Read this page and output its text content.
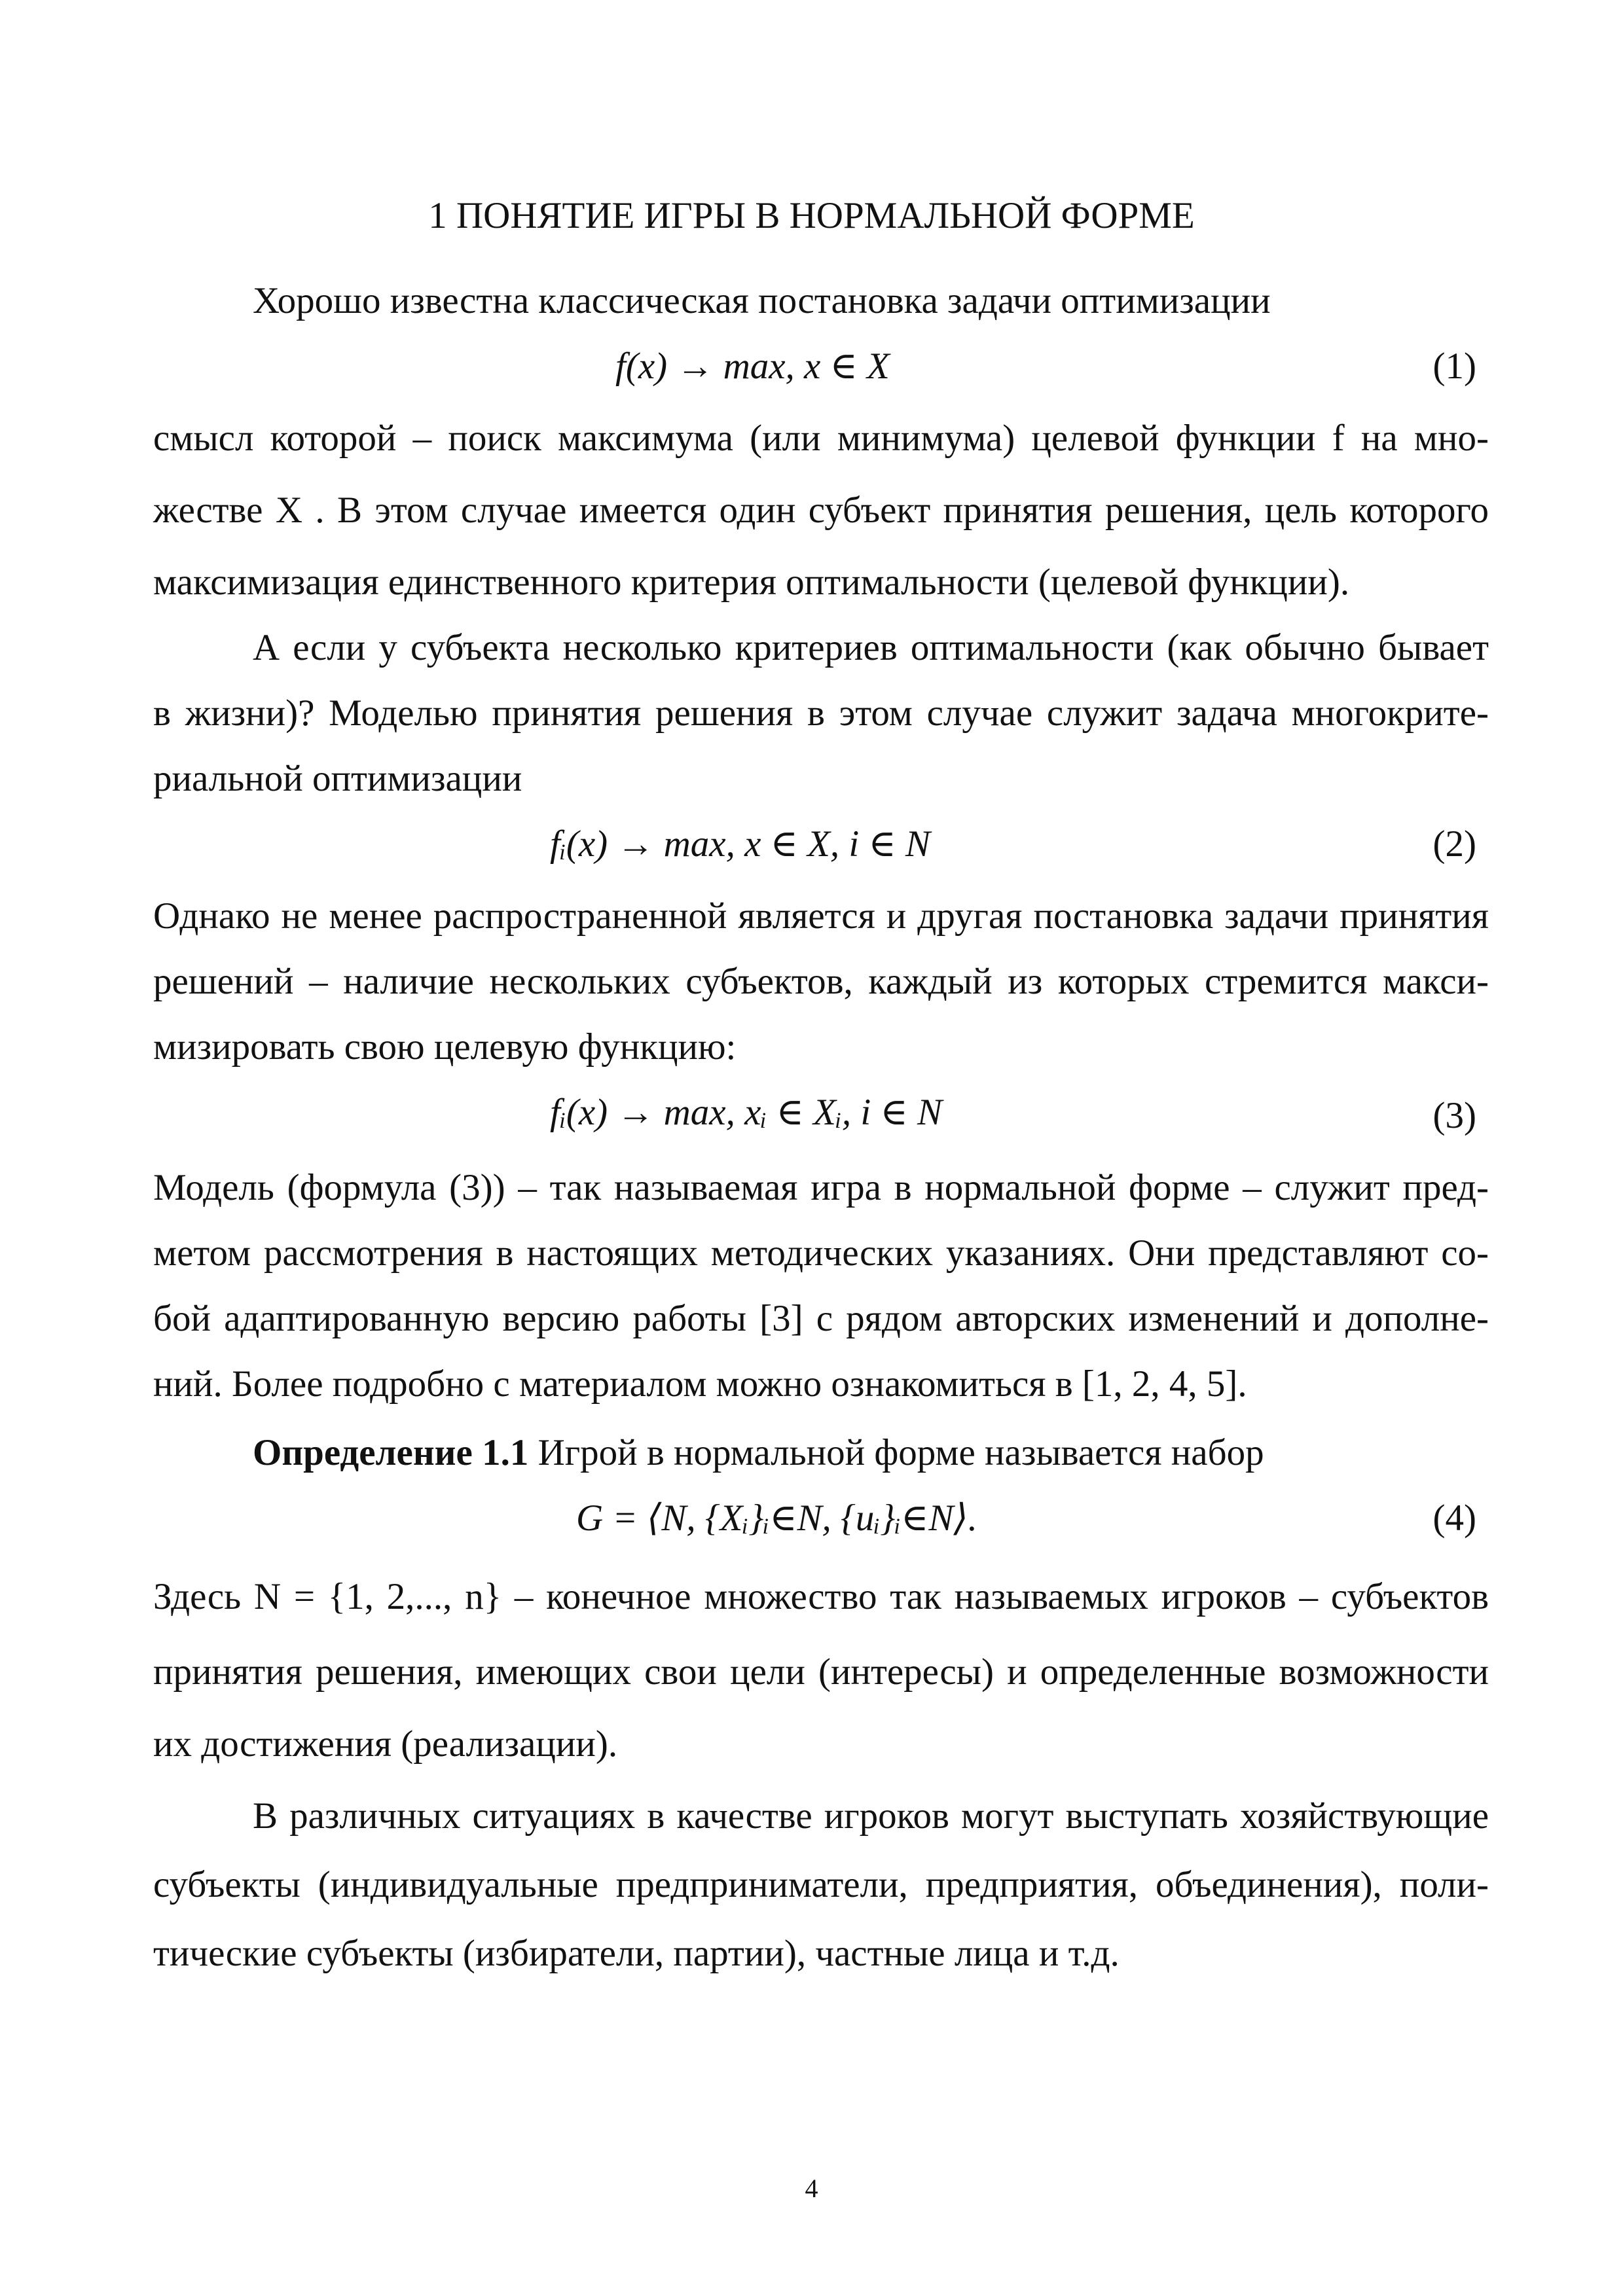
1 ПОНЯТИЕ ИГРЫ В НОРМАЛЬНОЙ ФОРМЕ
Хорошо известна классическая постановка задачи оптимизации
f(x) → max, x ∈ X	(1)
смысл которой – поиск максимума (или минимума) целевой функции f на мно-
жестве X . В этом случае имеется один субъект принятия решения, цель которого
максимизация единственного критерия оптимальности (целевой функции).
А если у субъекта несколько критериев оптимальности (как обычно бывает
в жизни)? Моделью принятия решения в этом случае служит задача многокрите-
риальной оптимизации
fᵢ(x) → max, x ∈ X, i ∈ N	(2)
Однако не менее распространенной является и другая постановка задачи принятия
решений – наличие нескольких субъектов, каждый из которых стремится макси-
мизировать свою целевую функцию:
fᵢ(x) → max, xᵢ ∈ Xᵢ, i ∈ N	(3)
Модель (формула (3)) – так называемая игра в нормальной форме – служит пред-
метом рассмотрения в настоящих методических указаниях. Они представляют со-
бой адаптированную версию работы [3] с рядом авторских изменений и дополне-
ний. Более подробно с материалом можно ознакомиться в [1, 2, 4, 5].
Определение 1.1 Игрой в нормальной форме называется набор
G = ⟨N, {Xᵢ}ᵢ∈N, {uᵢ}ᵢ∈N⟩.	(4)
Здесь N = {1, 2,..., n} – конечное множество так называемых игроков – субъектов
принятия решения, имеющих свои цели (интересы) и определенные возможности
их достижения (реализации).
В различных ситуациях в качестве игроков могут выступать хозяйствующие
субъекты (индивидуальные предприниматели, предприятия, объединения), поли-
тические субъекты (избиратели, партии), частные лица и т.д.
4
